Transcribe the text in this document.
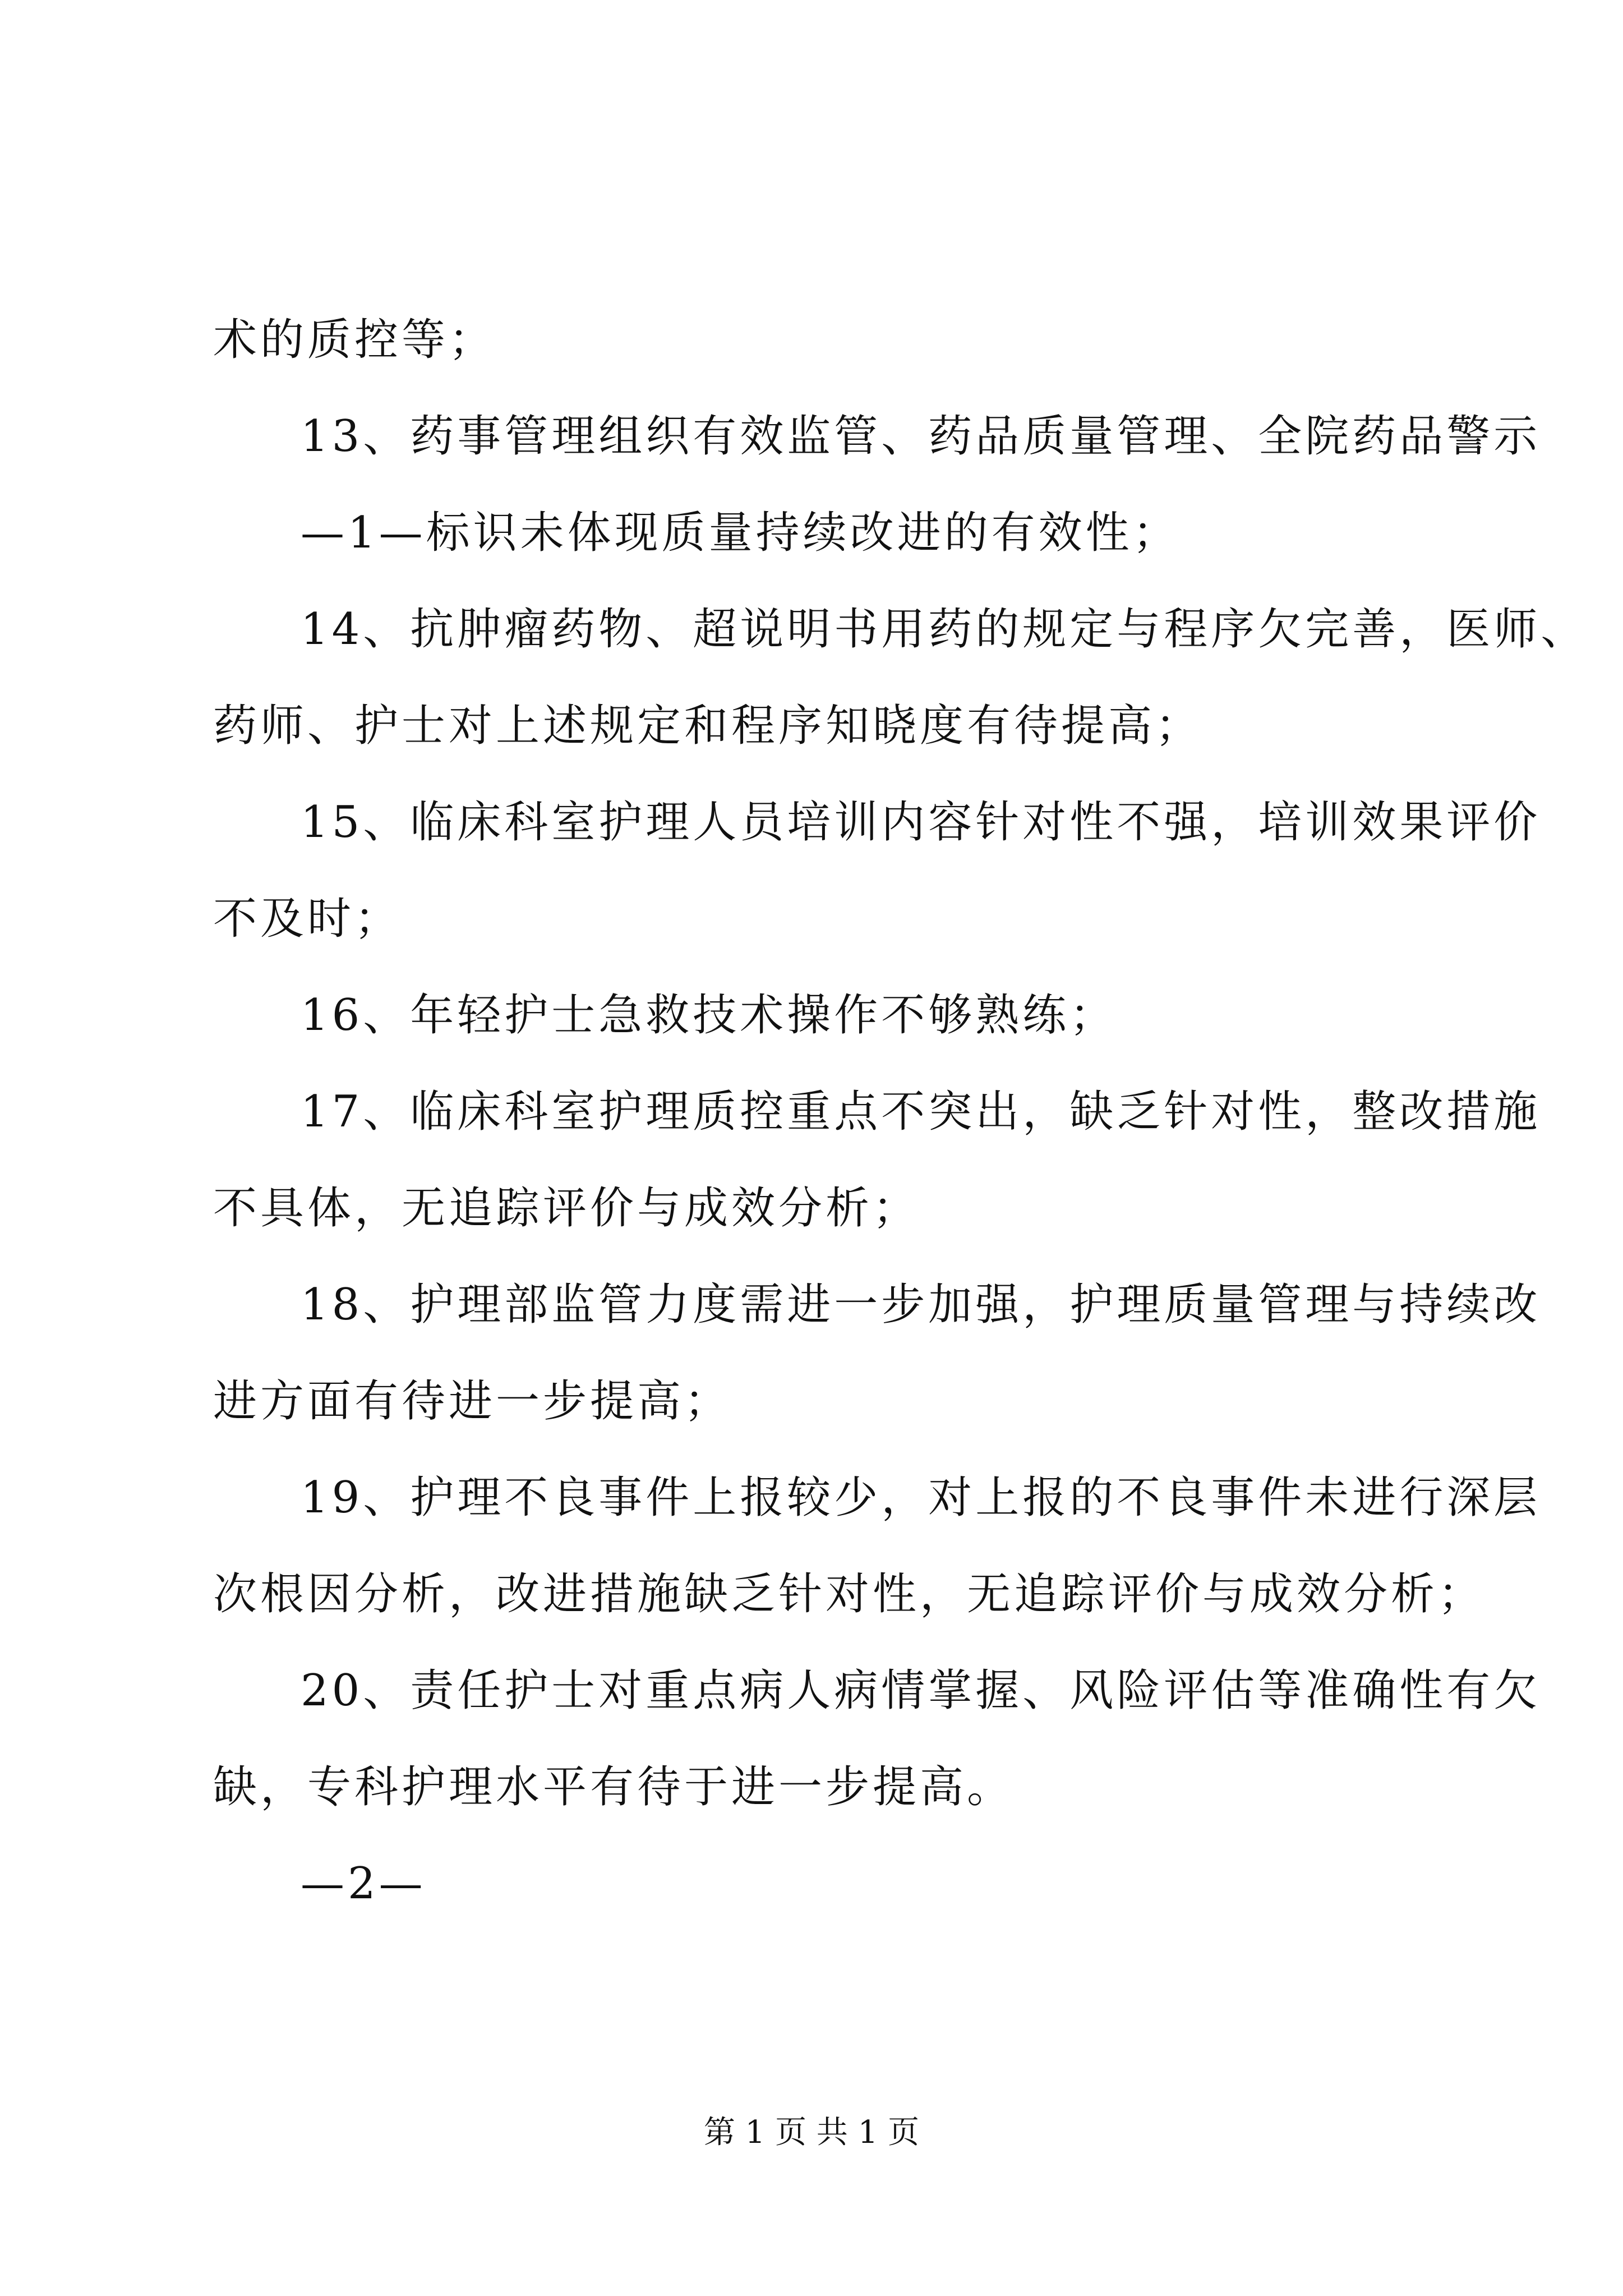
术的质控等；

13、药事管理组织有效监管、药品质量管理、全院药品警示

—1—标识未体现质量持续改进的有效性；

14、抗肿瘤药物、超说明书用药的规定与程序欠完善，医师、

药师、护士对上述规定和程序知晓度有待提高；

15、临床科室护理人员培训内容针对性不强，培训效果评价

不及时；

16、年轻护士急救技术操作不够熟练；

17、临床科室护理质控重点不突出，缺乏针对性，整改措施

不具体，无追踪评价与成效分析；

18、护理部监管力度需进一步加强，护理质量管理与持续改

进方面有待进一步提高；

19、护理不良事件上报较少，对上报的不良事件未进行深层

次根因分析，改进措施缺乏针对性，无追踪评价与成效分析；

20、责任护士对重点病人病情掌握、风险评估等准确性有欠

缺，专科护理水平有待于进一步提高。

—2—

第 1 页 共 1 页
